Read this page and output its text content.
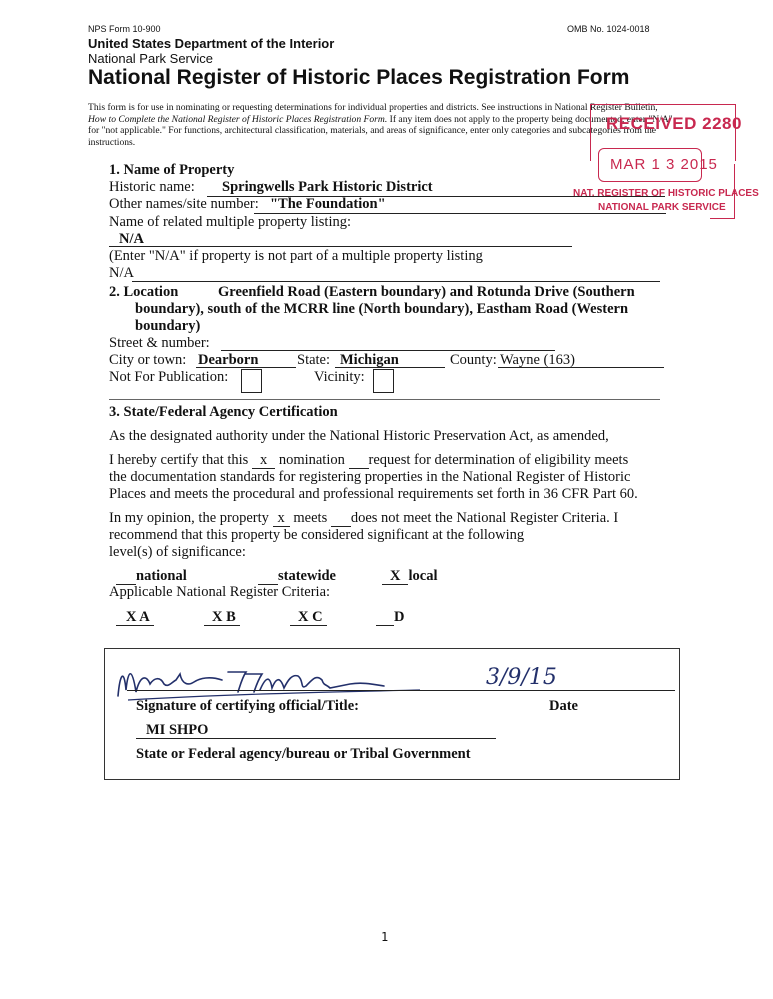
NPS Form 10-900	OMB No. 1024-0018
United States Department of the Interior
National Park Service
National Register of Historic Places Registration Form
This form is for use in nominating or requesting determinations for individual properties and districts. See instructions in National Register Bulletin, How to Complete the National Register of Historic Places Registration Form. If any item does not apply to the property being documented, enter "N/A" for "not applicable." For functions, architectural classification, materials, and areas of significance, enter only categories and subcategories from the instructions.
RECEIVED 2280
MAR 1 3 2015
NAT. REGISTER OF HISTORIC PLACES
NATIONAL PARK SERVICE
1. Name of Property
Historic name: Springwells Park Historic District
Other names/site number: "The Foundation"
Name of related multiple property listing:
N/A
(Enter "N/A" if property is not part of a multiple property listing
N/A
2. Location	Greenfield Road (Eastern boundary) and Rotunda Drive (Southern
boundary), south of the MCRR line (North boundary), Eastham Road (Western
boundary)
Street & number:
City or town: Dearborn	State: Michigan	County: Wayne (163)
Not For Publication:	Vicinity:
3. State/Federal Agency Certification
As the designated authority under the National Historic Preservation Act, as amended,
I hereby certify that this x nomination request for determination of eligibility meets
the documentation standards for registering properties in the National Register of Historic
Places and meets the procedural and professional requirements set forth in 36 CFR Part 60.
In my opinion, the property x meets does not meet the National Register Criteria. I
recommend that this property be considered significant at the following
level(s) of significance:
national	statewide	X local
Applicable National Register Criteria:
X A	X B	X C	D
3/9/15
Signature of certifying official/Title:	Date
MI SHPO
State or Federal agency/bureau or Tribal Government
1
